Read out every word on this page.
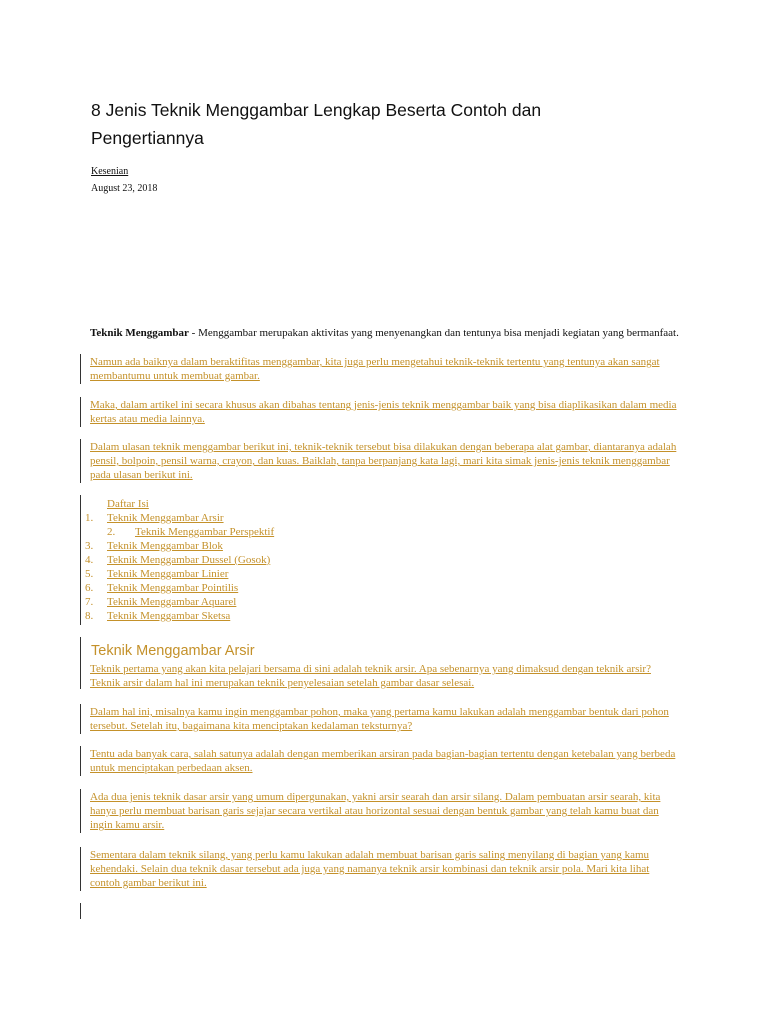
8 Jenis Teknik Menggambar Lengkap Beserta Contoh dan Pengertiannya
Kesenian
August 23, 2018

Teknik Menggambar - Menggambar merupakan aktivitas yang menyenangkan dan tentunya bisa menjadi kegiatan yang bermanfaat.

Namun ada baiknya dalam beraktifitas menggambar, kita juga perlu mengetahui teknik-teknik tertentu yang tentunya akan sangat membantumu untuk membuat gambar.

Maka, dalam artikel ini secara khusus akan dibahas tentang jenis-jenis teknik menggambar baik yang bisa diaplikasikan dalam media kertas atau media lainnya.

Dalam ulasan teknik menggambar berikut ini, teknik-teknik tersebut bisa dilakukan dengan beberapa alat gambar, diantaranya adalah pensil, bolpoin, pensil warna, crayon, dan kuas. Baiklah, tanpa berpanjang kata lagi, mari kita simak jenis-jenis teknik menggambar pada ulasan berikut ini.

Daftar Isi
1. Teknik Menggambar Arsir
2. Teknik Menggambar Perspektif
3. Teknik Menggambar Blok
4. Teknik Menggambar Dussel (Gosok)
5. Teknik Menggambar Linier
6. Teknik Menggambar Pointilis
7. Teknik Menggambar Aquarel
8. Teknik Menggambar Sketsa
Teknik Menggambar Arsir

Teknik pertama yang akan kita pelajari bersama di sini adalah teknik arsir. Apa sebenarnya yang dimaksud dengan teknik arsir? Teknik arsir dalam hal ini merupakan teknik penyelesaian setelah gambar dasar selesai.

Dalam hal ini, misalnya kamu ingin menggambar pohon, maka yang pertama kamu lakukan adalah menggambar bentuk dari pohon tersebut. Setelah itu, bagaimana kita menciptakan kedalaman teksturnya?

Tentu ada banyak cara, salah satunya adalah dengan memberikan arsiran pada bagian-bagian tertentu dengan ketebalan yang berbeda untuk menciptakan perbedaan aksen.

Ada dua jenis teknik dasar arsir yang umum dipergunakan, yakni arsir searah dan arsir silang. Dalam pembuatan arsir searah, kita hanya perlu membuat barisan garis sejajar secara vertikal atau horizontal sesuai dengan bentuk gambar yang telah kamu buat dan ingin kamu arsir.

Sementara dalam teknik silang, yang perlu kamu lakukan adalah membuat barisan garis saling menyilang di bagian yang kamu kehendaki. Selain dua teknik dasar tersebut ada juga yang namanya teknik arsir kombinasi dan teknik arsir pola. Mari kita lihat contoh gambar berikut ini.
